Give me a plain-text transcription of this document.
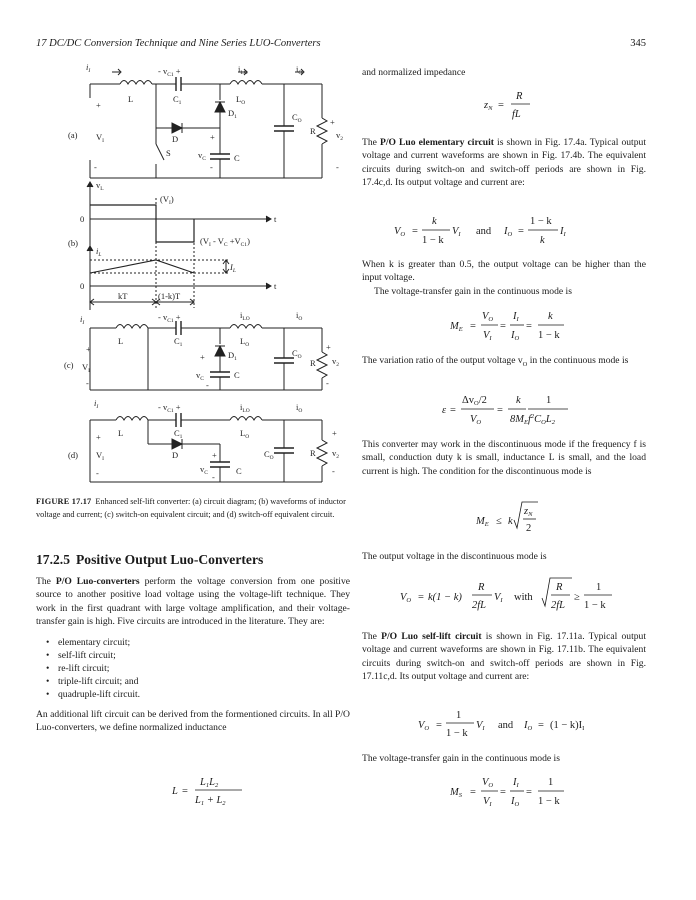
17 DC/DC Conversion Technique and Nine Series LUO-Converters	345
$i_I$	- $v_{C1}$ +	$i_{LO}$	$i_O$
L	$C_1$	$L_O$
$D_1$	$C_O$
R
+
$v_2$
+
(a) $V_I$	D
S
+
$v_C$	C
-	-	-
$v_L$
$(V_I)$
0	t
$(V_I - V_C +V_{C1})$
(b)
$i_L$
$I_L$
0	t
kT	(1-k)T
$i_I$
- $v_{C1}$ +	$i_{LO}$	$i_O$
L	$C_1$	$L_O$
+	+
$D_1$
+	$C_O$
R $v_2$
(c) $V_I$	$v_C$	C
-	-	-
$i_I$	- $v_{C1}$ +	$i_{LO}$	$i_O$
L	$C_1$	$L_O$
+	+
(d) $V_I$	D	+	$C_O$	R $v_2$
$v_C$	C
-	-
-
FIGURE 17.17 Enhanced self-lift converter: (a) circuit diagram; (b) waveforms of inductor voltage and current; (c) switch-on equivalent circuit; and (d) switch-off equivalent circuit.
17.2.5 Positive Output Luo-Converters

The P/O Luo-converters perform the voltage conversion from one positive source to another positive load voltage using the voltage-lift technique. They work in the first quadrant with large voltage amplification, and their voltage-transfer gain is high. Five circuits are introduced in the literature. They are:

• elementary circuit;
• self-lift circuit;
• re-lift circuit;
• triple-lift circuit; and
• quadruple-lift circuit.

An additional lift circuit can be derived from the formentioned circuits. In all P/O Luo-converters, we define normalized inductance

L =
L1L2
L1 + L2
and normalized impedance
zN =
R
fL

The P/O Luo elementary circuit is shown in Fig. 17.4a. Typical output voltage and current waveforms are shown in Fig. 17.4b. The equivalent circuits during switch-on and switch-off periods are shown in Fig. 17.4c,d. Its output voltage and current are:

VO =
k
1 − k
VI and IO =
1 − k
k
II

When k is greater than 0.5, the output voltage can be higher than the input voltage.

The voltage-transfer gain in the continuous mode is

ME =
VO
VI
=
II
IO
=
k
1 − k

The variation ratio of the output voltage $v_O$ in the continuous mode is

ε =
ΔvO/2
VO
=
k 1
8MEf$^2$COL2
This converter may work in the discontinuous mode if the frequency f is small, conduction duty k is small, inductance L is small, and the load current is high. The condition for the discontinuous mode is
ME ≤ k
zN
2
The output voltage in the discontinuous mode is
VO = k(1 − k)
R
2fL
VI with
R
2fL
≥
1
1 − k

The P/O Luo self-lift circuit is shown in Fig. 17.11a. Typical output voltage and current waveforms are shown in Fig. 17.11b. The equivalent circuits during switch-on and switch-off periods are shown in Fig. 17.11c,d. Its output voltage and current are:

VO =
1
1 − k
VI and IO = (1 − k)II
The voltage-transfer gain in the continuous mode is
MS =
VO
VI
=
II
IO
=
1
1 − k
